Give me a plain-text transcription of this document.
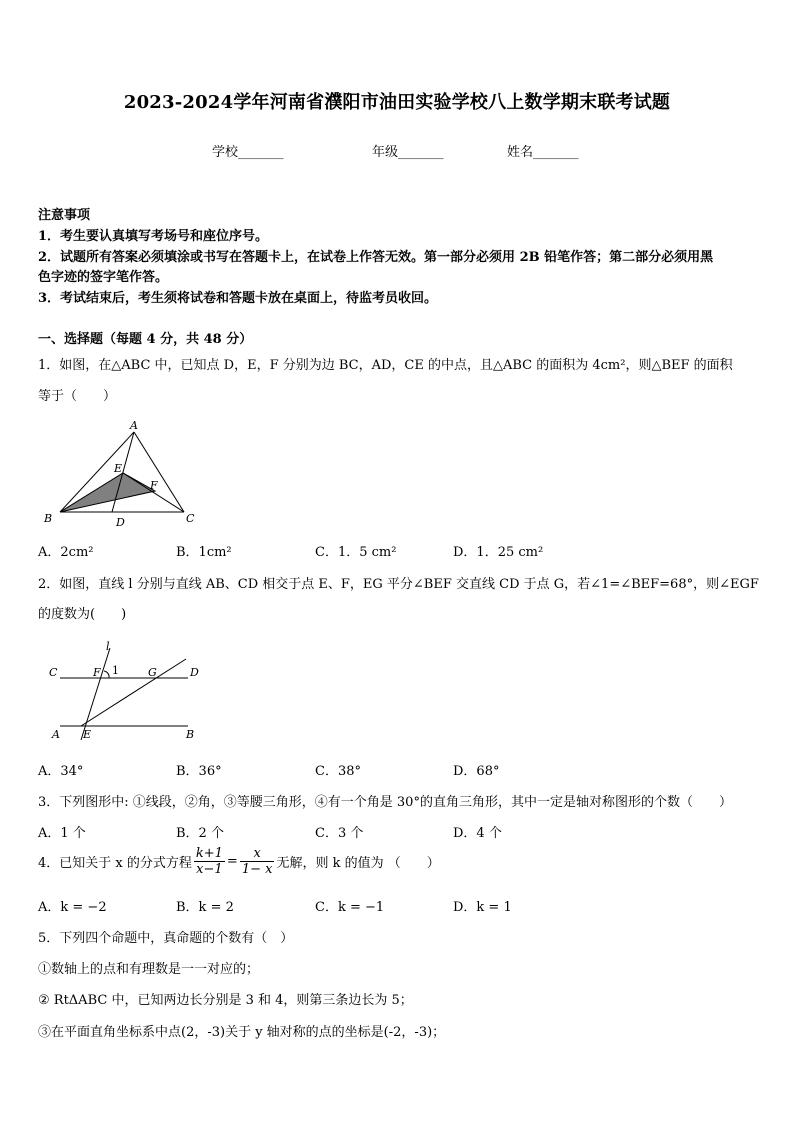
2023-2024学年河南省濮阳市油田实验学校八上数学期末联考试题
学校_______	年级_______	姓名_______
注意事项
1．考生要认真填写考场号和座位序号。
2．试题所有答案必须填涂或书写在答题卡上，在试卷上作答无效。第一部分必须用 2B 铅笔作答；第二部分必须用黑
色字迹的签字笔作答。
3．考试结束后，考生须将试卷和答题卡放在桌面上，待监考员收回。
一、选择题（每题 4 分，共 48 分）
1．如图，在△ABC 中，已知点 D，E，F 分别为边 BC，AD，CE 的中点，且△ABC 的面积为 4cm²，则△BEF 的面积
等于（　　）
A
E
F
B	D	C
A．2cm²	B．1cm²	C．1．5 cm²	D．1．25 cm²
2．如图，直线 l 分别与直线 AB、CD 相交于点 E、F，EG 平分∠BEF 交直线 CD 于点 G，若∠1=∠BEF=68°，则∠EGF
的度数为(　　)
l
C	F 1	G	D
A E	B
A．34°	B．36°	C．38°	D．68°
3．下列图形中: ①线段，②角，③等腰三角形，④有一个角是 30°的直角三角形，其中一定是轴对称图形的个数（　　）
A．1 个	B．2 个	C．3 个	D．4 个
4．已知关于 x 的分式方程 $\frac{k+1}{x-1} = \frac{x}{1- x}$ 无解，则 k 的值为 （　　）
A．k = −2	B．k = 2	C．k = −1	D．k = 1
5．下列四个命题中，真命题的个数有（　）
①数轴上的点和有理数是一一对应的；
② RtΔABC 中，已知两边长分别是 3 和 4，则第三条边长为 5；
③在平面直角坐标系中点(2，-3)关于 y 轴对称的点的坐标是(-2，-3)；
